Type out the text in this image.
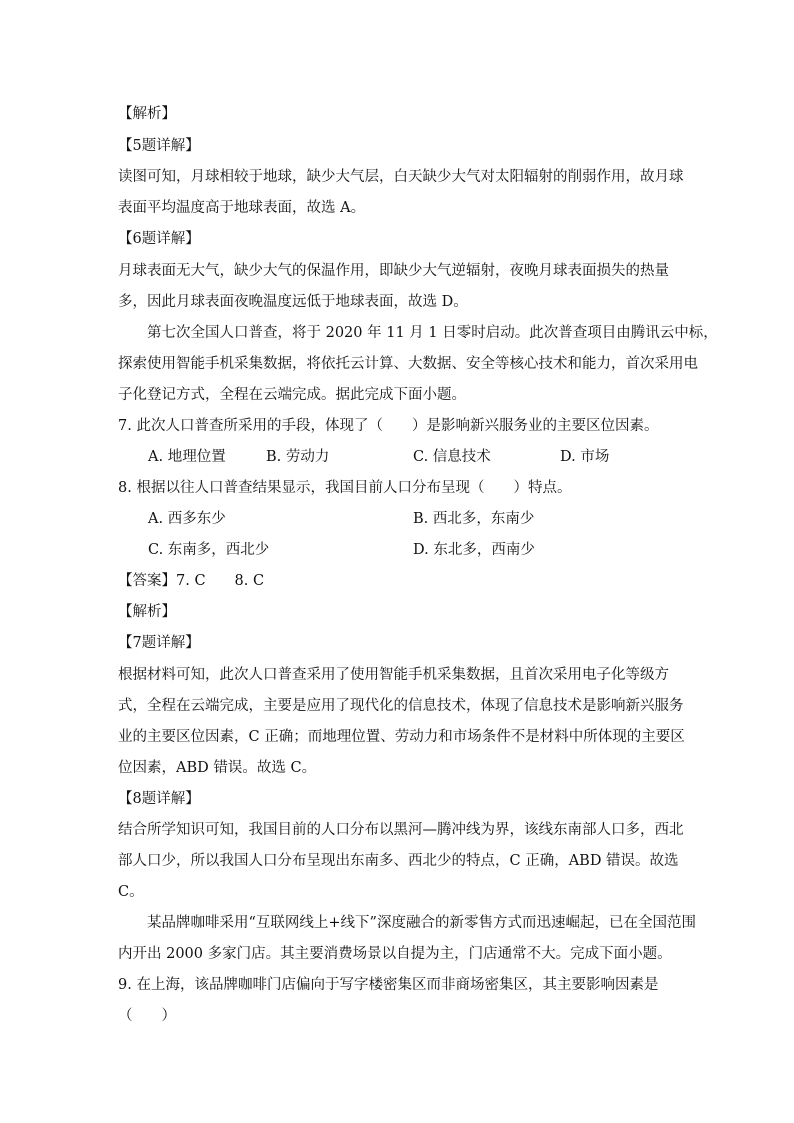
【解析】
【5题详解】
读图可知，月球相较于地球，缺少大气层，白天缺少大气对太阳辐射的削弱作用，故月球
表面平均温度高于地球表面，故选 A。
【6题详解】
月球表面无大气，缺少大气的保温作用，即缺少大气逆辐射，夜晚月球表面损失的热量
多，因此月球表面夜晚温度远低于地球表面，故选 D。
第七次全国人口普查，将于 2020 年 11 月 1 日零时启动。此次普查项目由腾讯云中标，
探索使用智能手机采集数据，将依托云计算、大数据、安全等核心技术和能力，首次采用电
子化登记方式，全程在云端完成。据此完成下面小题。
7. 此次人口普查所采用的手段，体现了（　　）是影响新兴服务业的主要区位因素。
A. 地理位置	B. 劳动力	C. 信息技术	D. 市场
8. 根据以往人口普查结果显示，我国目前人口分布呈现（　　）特点。
A. 西多东少	B. 西北多，东南少
C. 东南多，西北少	D. 东北多，西南少
【答案】7. C　　8. C
【解析】
【7题详解】
根据材料可知，此次人口普查采用了使用智能手机采集数据，且首次采用电子化等级方
式，全程在云端完成，主要是应用了现代化的信息技术，体现了信息技术是影响新兴服务
业的主要区位因素，C 正确；而地理位置、劳动力和市场条件不是材料中所体现的主要区
位因素，ABD 错误。故选 C。
【8题详解】
结合所学知识可知，我国目前的人口分布以黑河—腾冲线为界，该线东南部人口多，西北
部人口少，所以我国人口分布呈现出东南多、西北少的特点，C 正确，ABD 错误。故选
C。
某品牌咖啡采用“互联网线上+线下”深度融合的新零售方式而迅速崛起，已在全国范围
内开出 2000 多家门店。其主要消费场景以自提为主，门店通常不大。完成下面小题。
9. 在上海，该品牌咖啡门店偏向于写字楼密集区而非商场密集区，其主要影响因素是
（　　）
